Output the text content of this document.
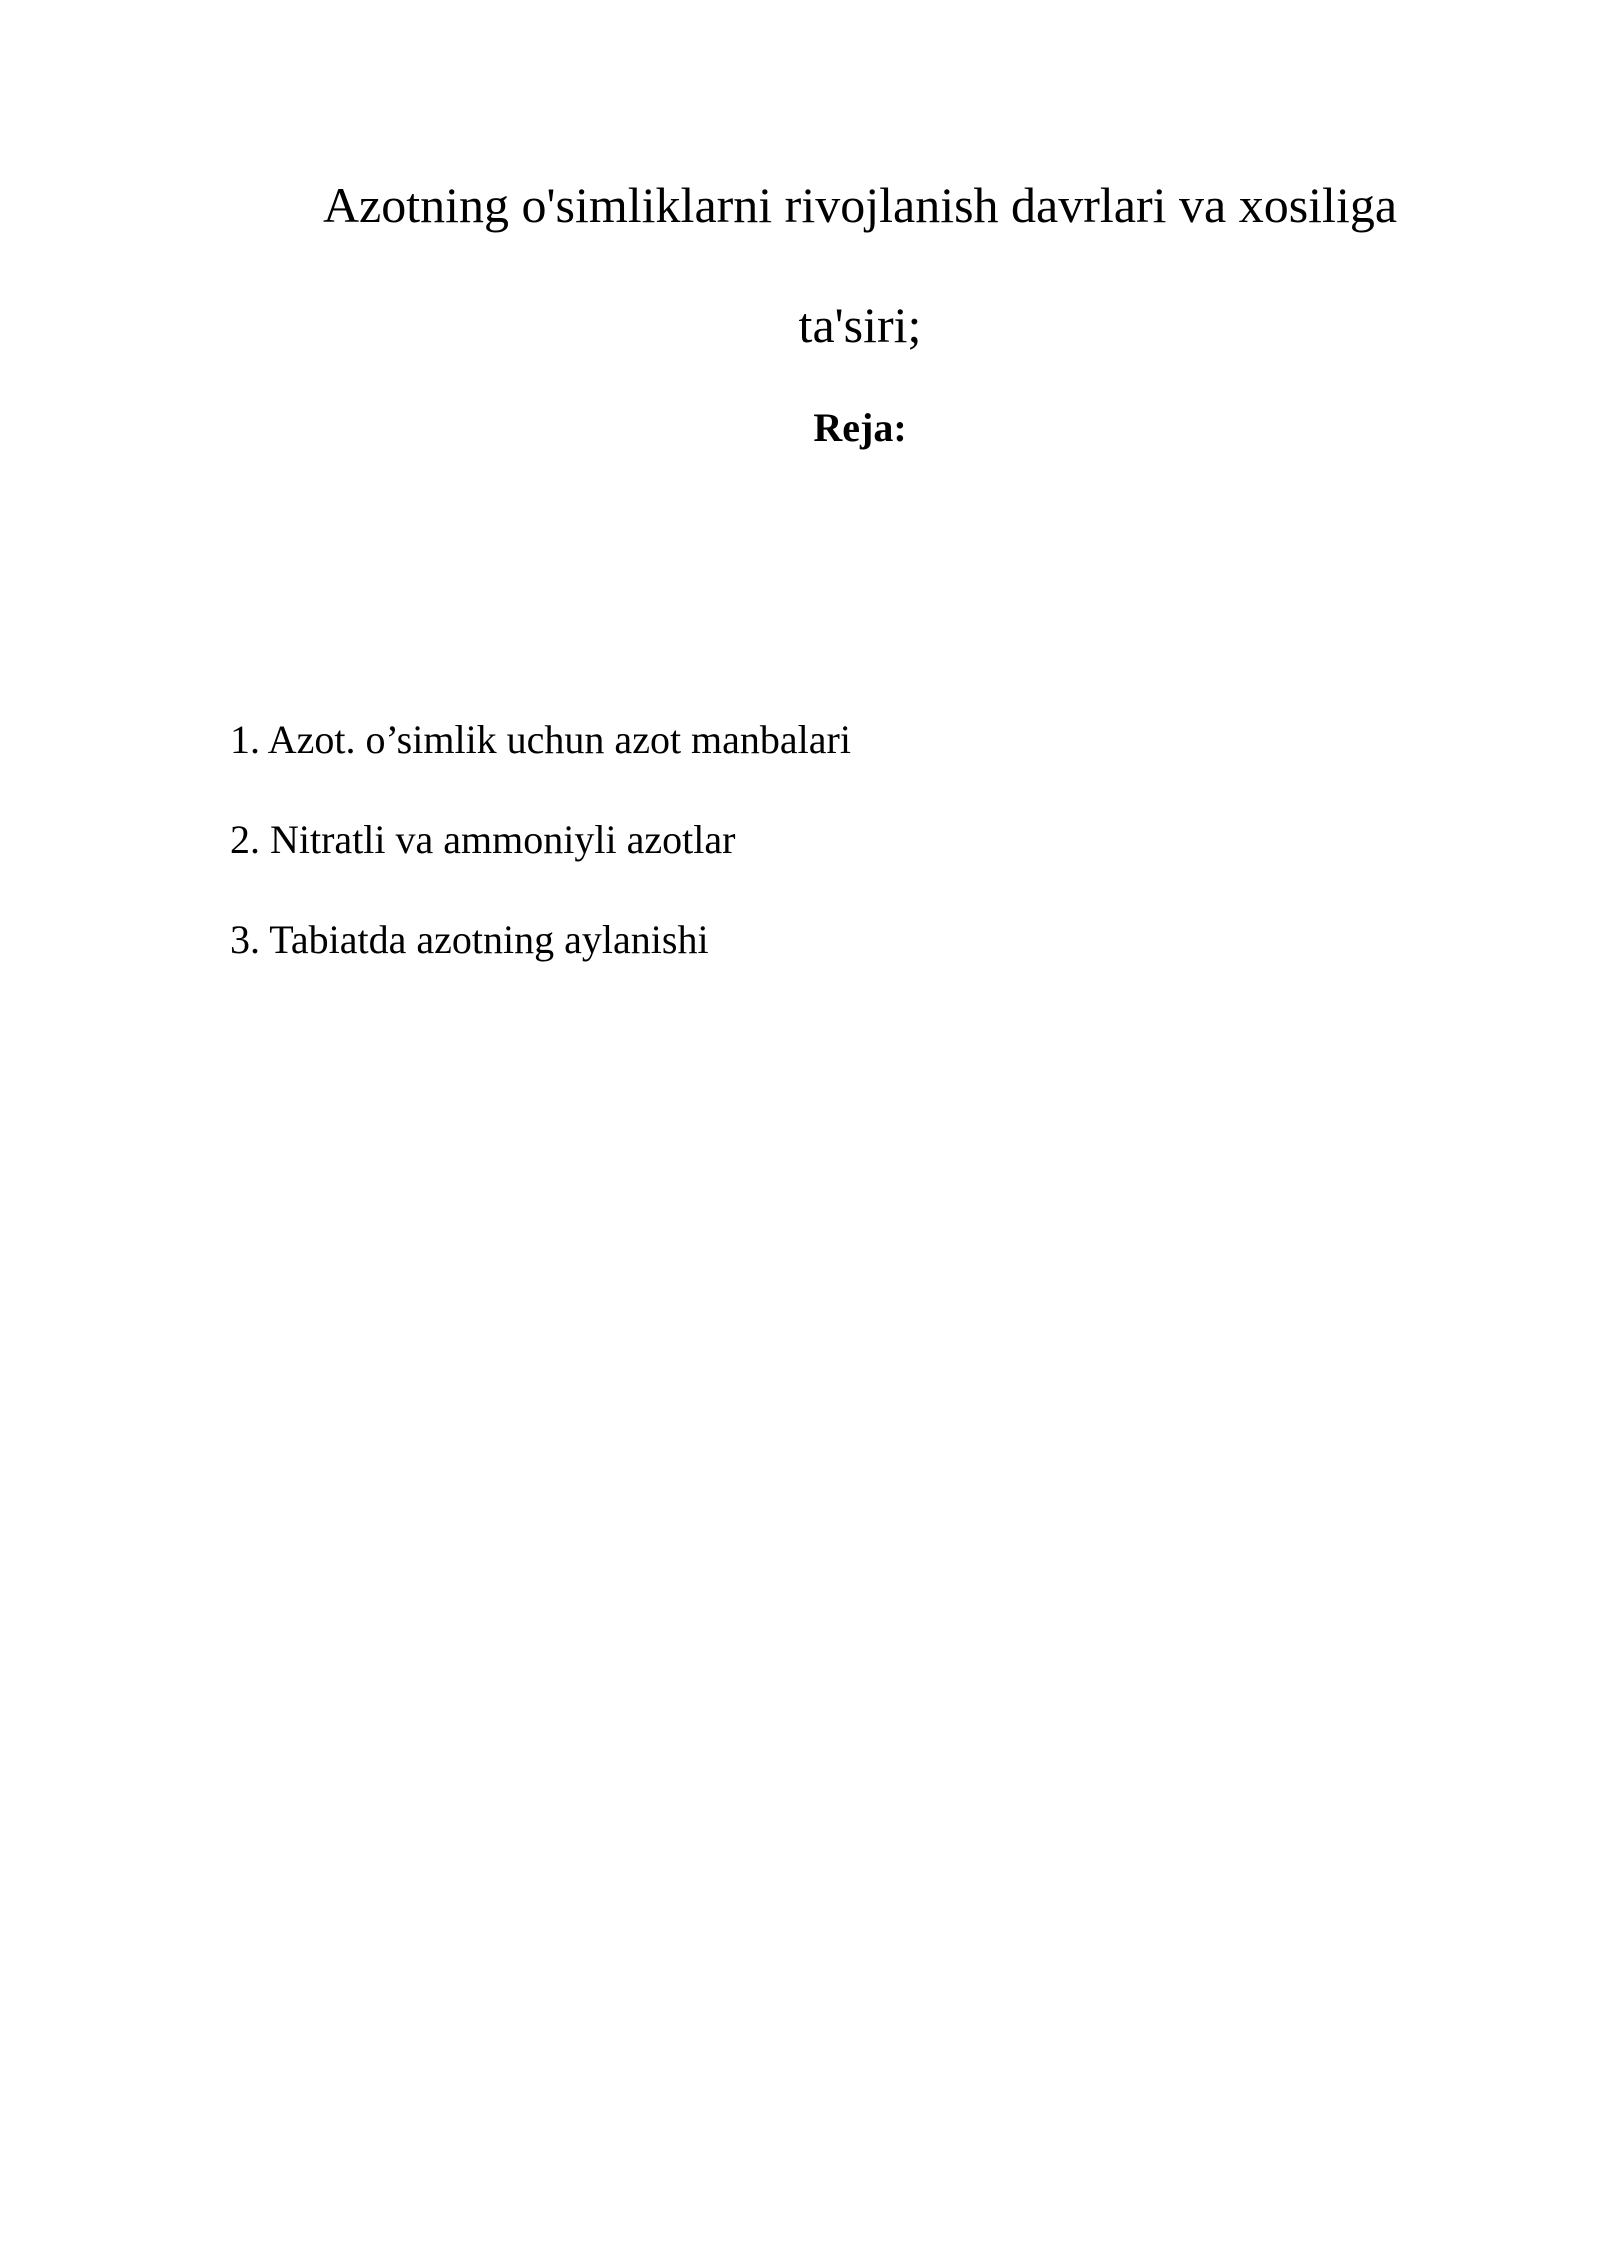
Azotning o'simliklarni rivojlanish davrlari va xosiliga
ta'siri;
Reja:
1. Azot. o’simlik uchun azot manbalari
2. Nitratli va ammoniyli azotlar
3. Tabiatda azotning aylanishi
